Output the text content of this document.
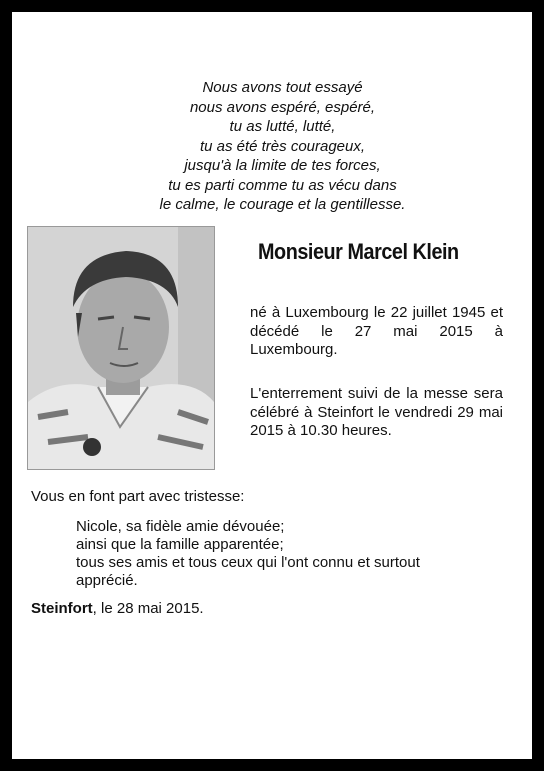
Nous avons tout essayé
nous avons espéré, espéré,
tu as lutté, lutté,
tu as été très courageux,
jusqu'à la limite de tes forces,
tu es parti comme tu as vécu dans
le calme, le courage et la gentillesse.
Monsieur Marcel Klein
né à Luxembourg le 22 juillet 1945 et décédé le 27 mai 2015 à Luxembourg.
L'enterrement suivi de la messe sera célébré à Steinfort le vendredi 29 mai 2015 à 10.30 heures.
Vous en font part avec tristesse:
Nicole, sa fidèle amie dévouée;
ainsi que la famille apparentée;
tous ses amis et tous ceux qui l'ont connu et surtout
apprécié.
Steinfort, le 28 mai 2015.
